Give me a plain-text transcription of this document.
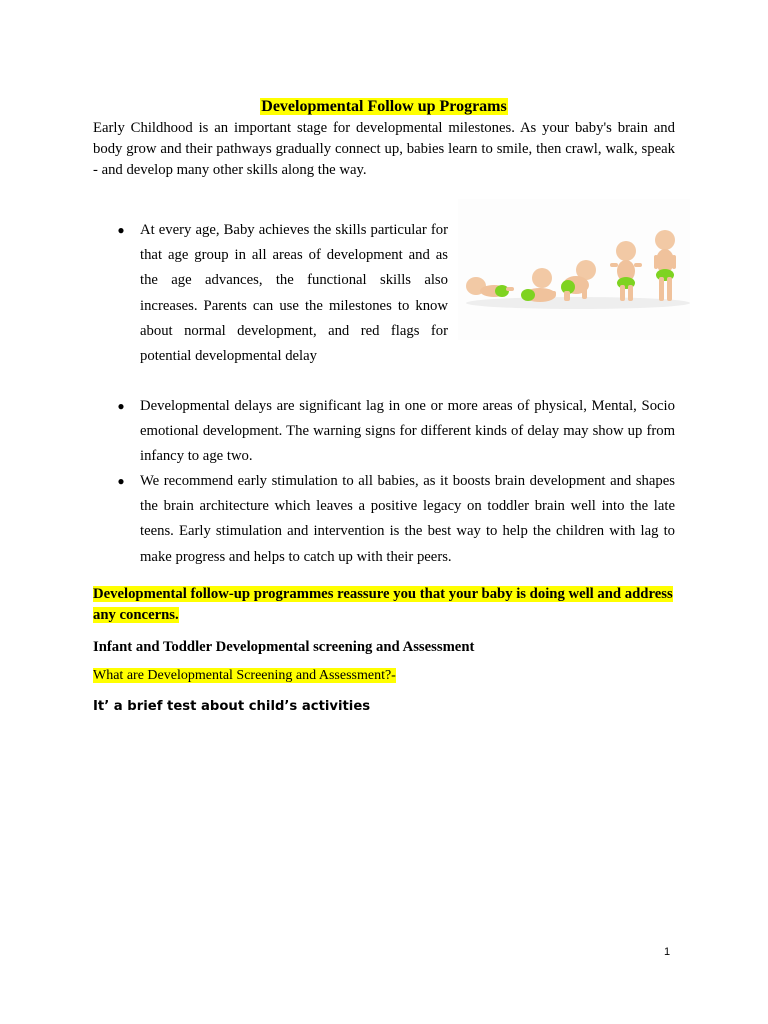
Developmental Follow up Programs

Early Childhood is an important stage for developmental milestones. As your baby's brain and body grow and their pathways gradually connect up, babies learn to smile, then crawl, walk, speak - and develop many other skills along the way.

● At every age, Baby achieves the skills particular for that age group in all areas of development and as the age advances, the functional skills also increases. Parents can use the milestones to know about normal development, and red flags for potential developmental delay

● Developmental delays are significant lag in one or more areas of physical, Mental, Socio emotional development. The warning signs for different kinds of delay may show up from infancy to age two.

● We recommend early stimulation to all babies, as it boosts brain development and shapes the brain architecture which leaves a positive legacy on toddler brain well into the late teens. Early stimulation and intervention is the best way to help the children with lag to make progress and helps to catch up with their peers.

Developmental follow-up programmes reassure you that your baby is doing well and address any concerns.

Infant and Toddler Developmental screening and Assessment

What are Developmental Screening and Assessment?-

It’ a brief test about child’s activities

1
